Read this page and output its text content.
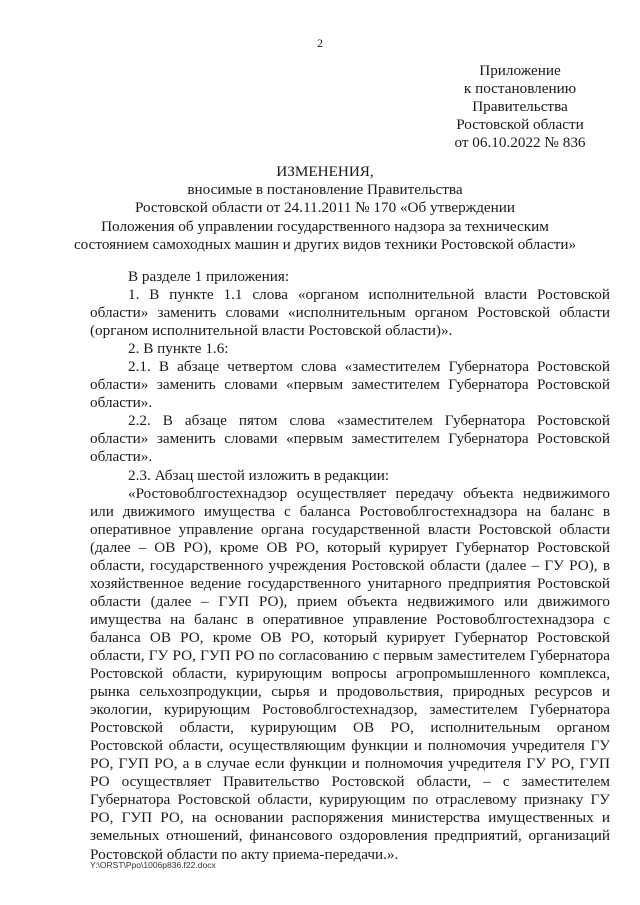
2
Приложение
к постановлению
Правительства
Ростовской области
от 06.10.2022 № 836
ИЗМЕНЕНИЯ,
вносимые в постановление Правительства
Ростовской области от 24.11.2011 № 170 «Об утверждении
Положения об управлении государственного надзора за техническим
состоянием самоходных машин и других видов техники Ростовской области»

В разделе 1 приложения:

1. В пункте 1.1 слова «органом исполнительной власти Ростовской области» заменить словами «исполнительным органом Ростовской области (органом исполнительной власти Ростовской области)».

2. В пункте 1.6:

2.1. В абзаце четвертом слова «заместителем Губернатора Ростовской области» заменить словами «первым заместителем Губернатора Ростовской области».

2.2. В абзаце пятом слова «заместителем Губернатора Ростовской области» заменить словами «первым заместителем Губернатора Ростовской области».

2.3. Абзац шестой изложить в редакции:

«Ростовоблгостехнадзор осуществляет передачу объекта недвижимого или движимого имущества с баланса Ростовоблгостехнадзора на баланс в оперативное управление органа государственной власти Ростовской области (далее – ОВ РО), кроме ОВ РО, который курирует Губернатор Ростовской области, государственного учреждения Ростовской области (далее – ГУ РО), в хозяйственное ведение государственного унитарного предприятия Ростовской области (далее – ГУП РО), прием объекта недвижимого или движимого имущества на баланс в оперативное управление Ростовоблгостехнадзора с баланса ОВ РО, кроме ОВ РО, который курирует Губернатор Ростовской области, ГУ РО, ГУП РО по согласованию с первым заместителем Губернатора Ростовской области, курирующим вопросы агропромышленного комплекса, рынка сельхозпродукции, сырья и продовольствия, природных ресурсов и экологии, курирующим Ростовоблгостехнадзор, заместителем Губернатора Ростовской области, курирующим ОВ РО, исполнительным органом Ростовской области, осуществляющим функции и полномочия учредителя ГУ РО, ГУП РО, а в случае если функции и полномочия учредителя ГУ РО, ГУП РО осуществляет Правительство Ростовской области, – с заместителем Губернатора Ростовской области, курирующим по отраслевому признаку ГУ РО, ГУП РО, на основании распоряжения министерства имущественных и земельных отношений, финансового оздоровления предприятий, организаций Ростовской области по акту приема-передачи.».

Y:\ORST\Ppo\1006p836.f22.docx
